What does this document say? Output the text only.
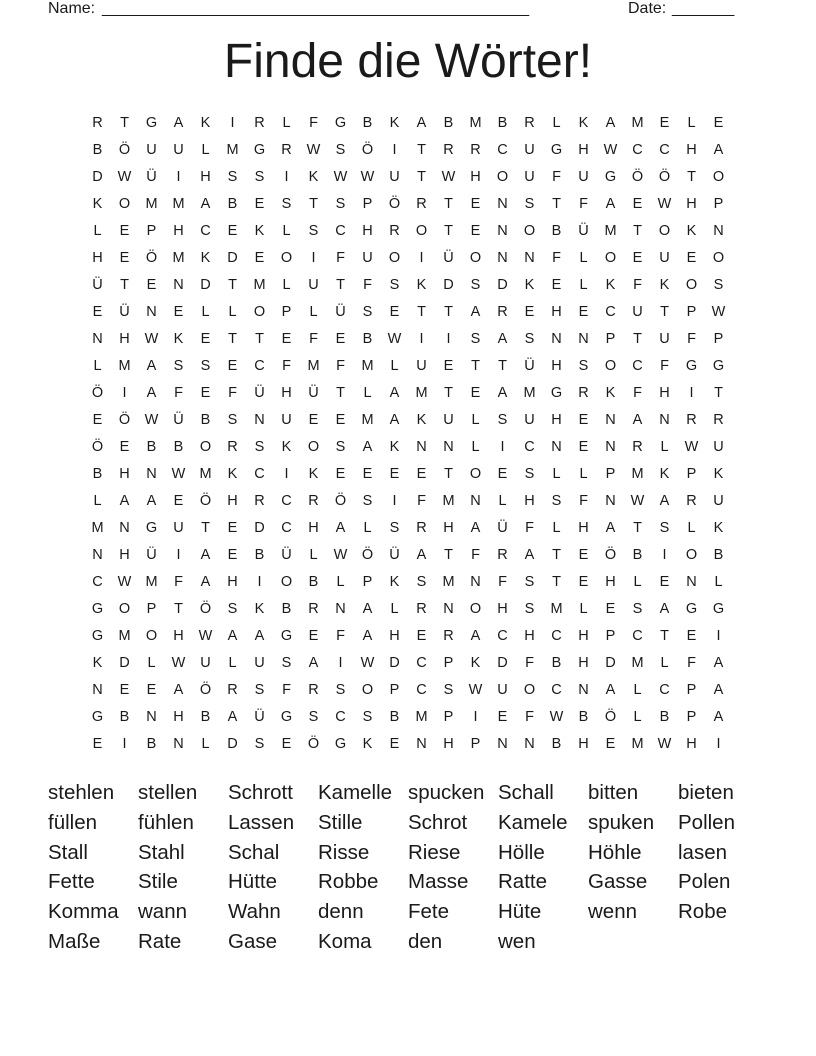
Name: ________________________________________________	Date: _______
Finde die Wörter!
R	T	G	A	K	I	R	L	F	G	B	K	A	B	M	B	R	L	K	A	M	E	L	E
B	Ö	U	U	L	M	G	R	W	S	Ö	I	T	R	R	C	U	G	H	W	C	C	H	A
D	W	Ü	I	H	S	S	I	K	W W	U	T	W	H	O	U	F	U	G	Ö	Ö	T	O
K	O	M	M	A	B	E	S	T	S	P	Ö	R	T	E	N	S	T	F	A	E	W	H	P
L	E	P	H	C	E	K	L	S	C	H	R	O	T	E	N	O	B	Ü	M	T	O	K	N
H	E	Ö	M	K	D	E	O	I	F	U	O	I	Ü	O	N	N	F	L	O	E	U	E	O
Ü	T	E	N	D	T	M	L	U	T	F	S	K	D	S	D	K	E	L	K	F	K	O	S
E	Ü	N	E	L	L	O	P	L	Ü	S	E	T	T	A	R	E	H	E	C	U	T	P	W
N	H	W	K	E	T	T	E	F	E	B	W	I	I	S	A	S	N	N	P	T	U	F	P
L	M	A	S	S	E	C	F	M	F	M	L	U	E	T	T	Ü	H	S	O	C	F	G	G
Ö	I	A	F	E	F	Ü	H	Ü	T	L	A	M	T	E	A	M	G	R	K	F	H	I	T
E	Ö	W	Ü	B	S	N	U	E	E	M	A	K	U	L	S	U	H	E	N	A	N	R	R
Ö	E	B	B	O	R	S	K	O	S	A	K	N	N	L	I	C	N	E	N	R	L	W	U
B	H	N	W M	K	C	I	K	E	E	E	E	T	O	E	S	L	L	P	M	K	P	K
L	A	A	E	Ö	H	R	C	R	Ö	S	I	F	M	N	L	H	S	F	N	W	A	R	U
M	N	G	U	T	E	D	C	H	A	L	S	R	H	A	Ü	F	L	H	A	T	S	L	K
N	H	Ü	I	A	E	B	Ü	L	W	Ö	Ü	A	T	F	R	A	T	E	Ö	B	I	O	B
C	W M	F	A	H	I	O	B	L	P	K	S	M	N	F	S	T	E	H	L	E	N	L
G	O	P	T	Ö	S	K	B	R	N	A	L	R	N	O	H	S	M	L	E	S	A	G	G
G	M	O	H	W	A	A	G	E	F	A	H	E	R	A	C	H	C	H	P	C	T	E	I
K	D	L	W	U	L	U	S	A	I	W	D	C	P	K	D	F	B	H	D	M	L	F	A
N	E	E	A	Ö	R	S	F	R	S	O	P	C	S	W	U	O	C	N	A	L	C	P	A
G	B	N	H	B	A	Ü	G	S	C	S	B	M	P	I	E	F	W	B	Ö	L	B	P	A
E	I	B	N	L	D	S	E	Ö	G	K	E	N	H	P	N	N	B	H	E	M W	H	I
stehlen	stellen	Schrott	Kamelle spucken Schall	bitten	bieten
füllen	fühlen	Lassen	Stille	Schrot	Kamele spuken	Pollen
Stall	Stahl	Schal	Risse	Riese	Hölle	Höhle	lasen
Fette	Stile	Hütte	Robbe	Masse	Ratte	Gasse	Polen
Komma wann	Wahn	denn	Fete	Hüte	wenn	Robe
Maße	Rate	Gase	Koma	den	wen
